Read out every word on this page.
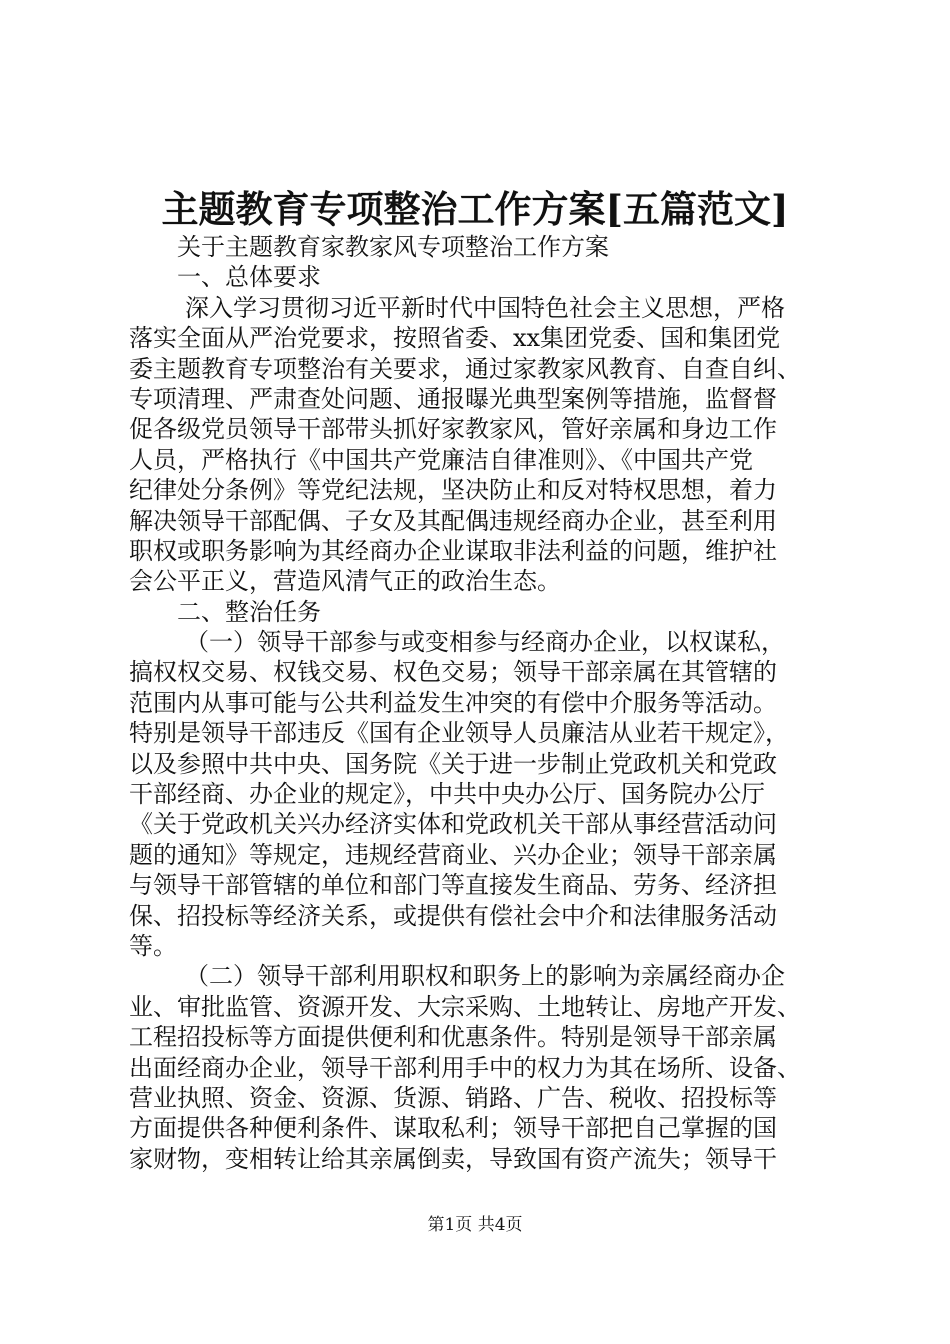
主题教育专项整治工作方案[五篇范文]
关于主题教育家教家风专项整治工作方案
一、总体要求
深入学习贯彻习近平新时代中国特色社会主义思想，严格
落实全面从严治党要求，按照省委、xx集团党委、国和集团党
委主题教育专项整治有关要求，通过家教家风教育、自查自纠、
专项清理、严肃查处问题、通报曝光典型案例等措施，监督督
促各级党员领导干部带头抓好家教家风，管好亲属和身边工作
人员，严格执行《中国共产党廉洁自律准则》、《中国共产党
纪律处分条例》等党纪法规，坚决防止和反对特权思想，着力
解决领导干部配偶、子女及其配偶违规经商办企业，甚至利用
职权或职务影响为其经商办企业谋取非法利益的问题，维护社
会公平正义，营造风清气正的政治生态。
二、整治任务
（一）领导干部参与或变相参与经商办企业，以权谋私，
搞权权交易、权钱交易、权色交易；领导干部亲属在其管辖的
范围内从事可能与公共利益发生冲突的有偿中介服务等活动。
特别是领导干部违反《国有企业领导人员廉洁从业若干规定》，
以及参照中共中央、国务院《关于进一步制止党政机关和党政
干部经商、办企业的规定》，中共中央办公厅、国务院办公厅
《关于党政机关兴办经济实体和党政机关干部从事经营活动问
题的通知》等规定，违规经营商业、兴办企业；领导干部亲属
与领导干部管辖的单位和部门等直接发生商品、劳务、经济担
保、招投标等经济关系，或提供有偿社会中介和法律服务活动
等。
（二）领导干部利用职权和职务上的影响为亲属经商办企
业、审批监管、资源开发、大宗采购、土地转让、房地产开发、
工程招投标等方面提供便利和优惠条件。特别是领导干部亲属
出面经商办企业，领导干部利用手中的权力为其在场所、设备、
营业执照、资金、资源、货源、销路、广告、税收、招投标等
方面提供各种便利条件、谋取私利；领导干部把自己掌握的国
家财物，变相转让给其亲属倒卖，导致国有资产流失；领导干
第1页 共4页
